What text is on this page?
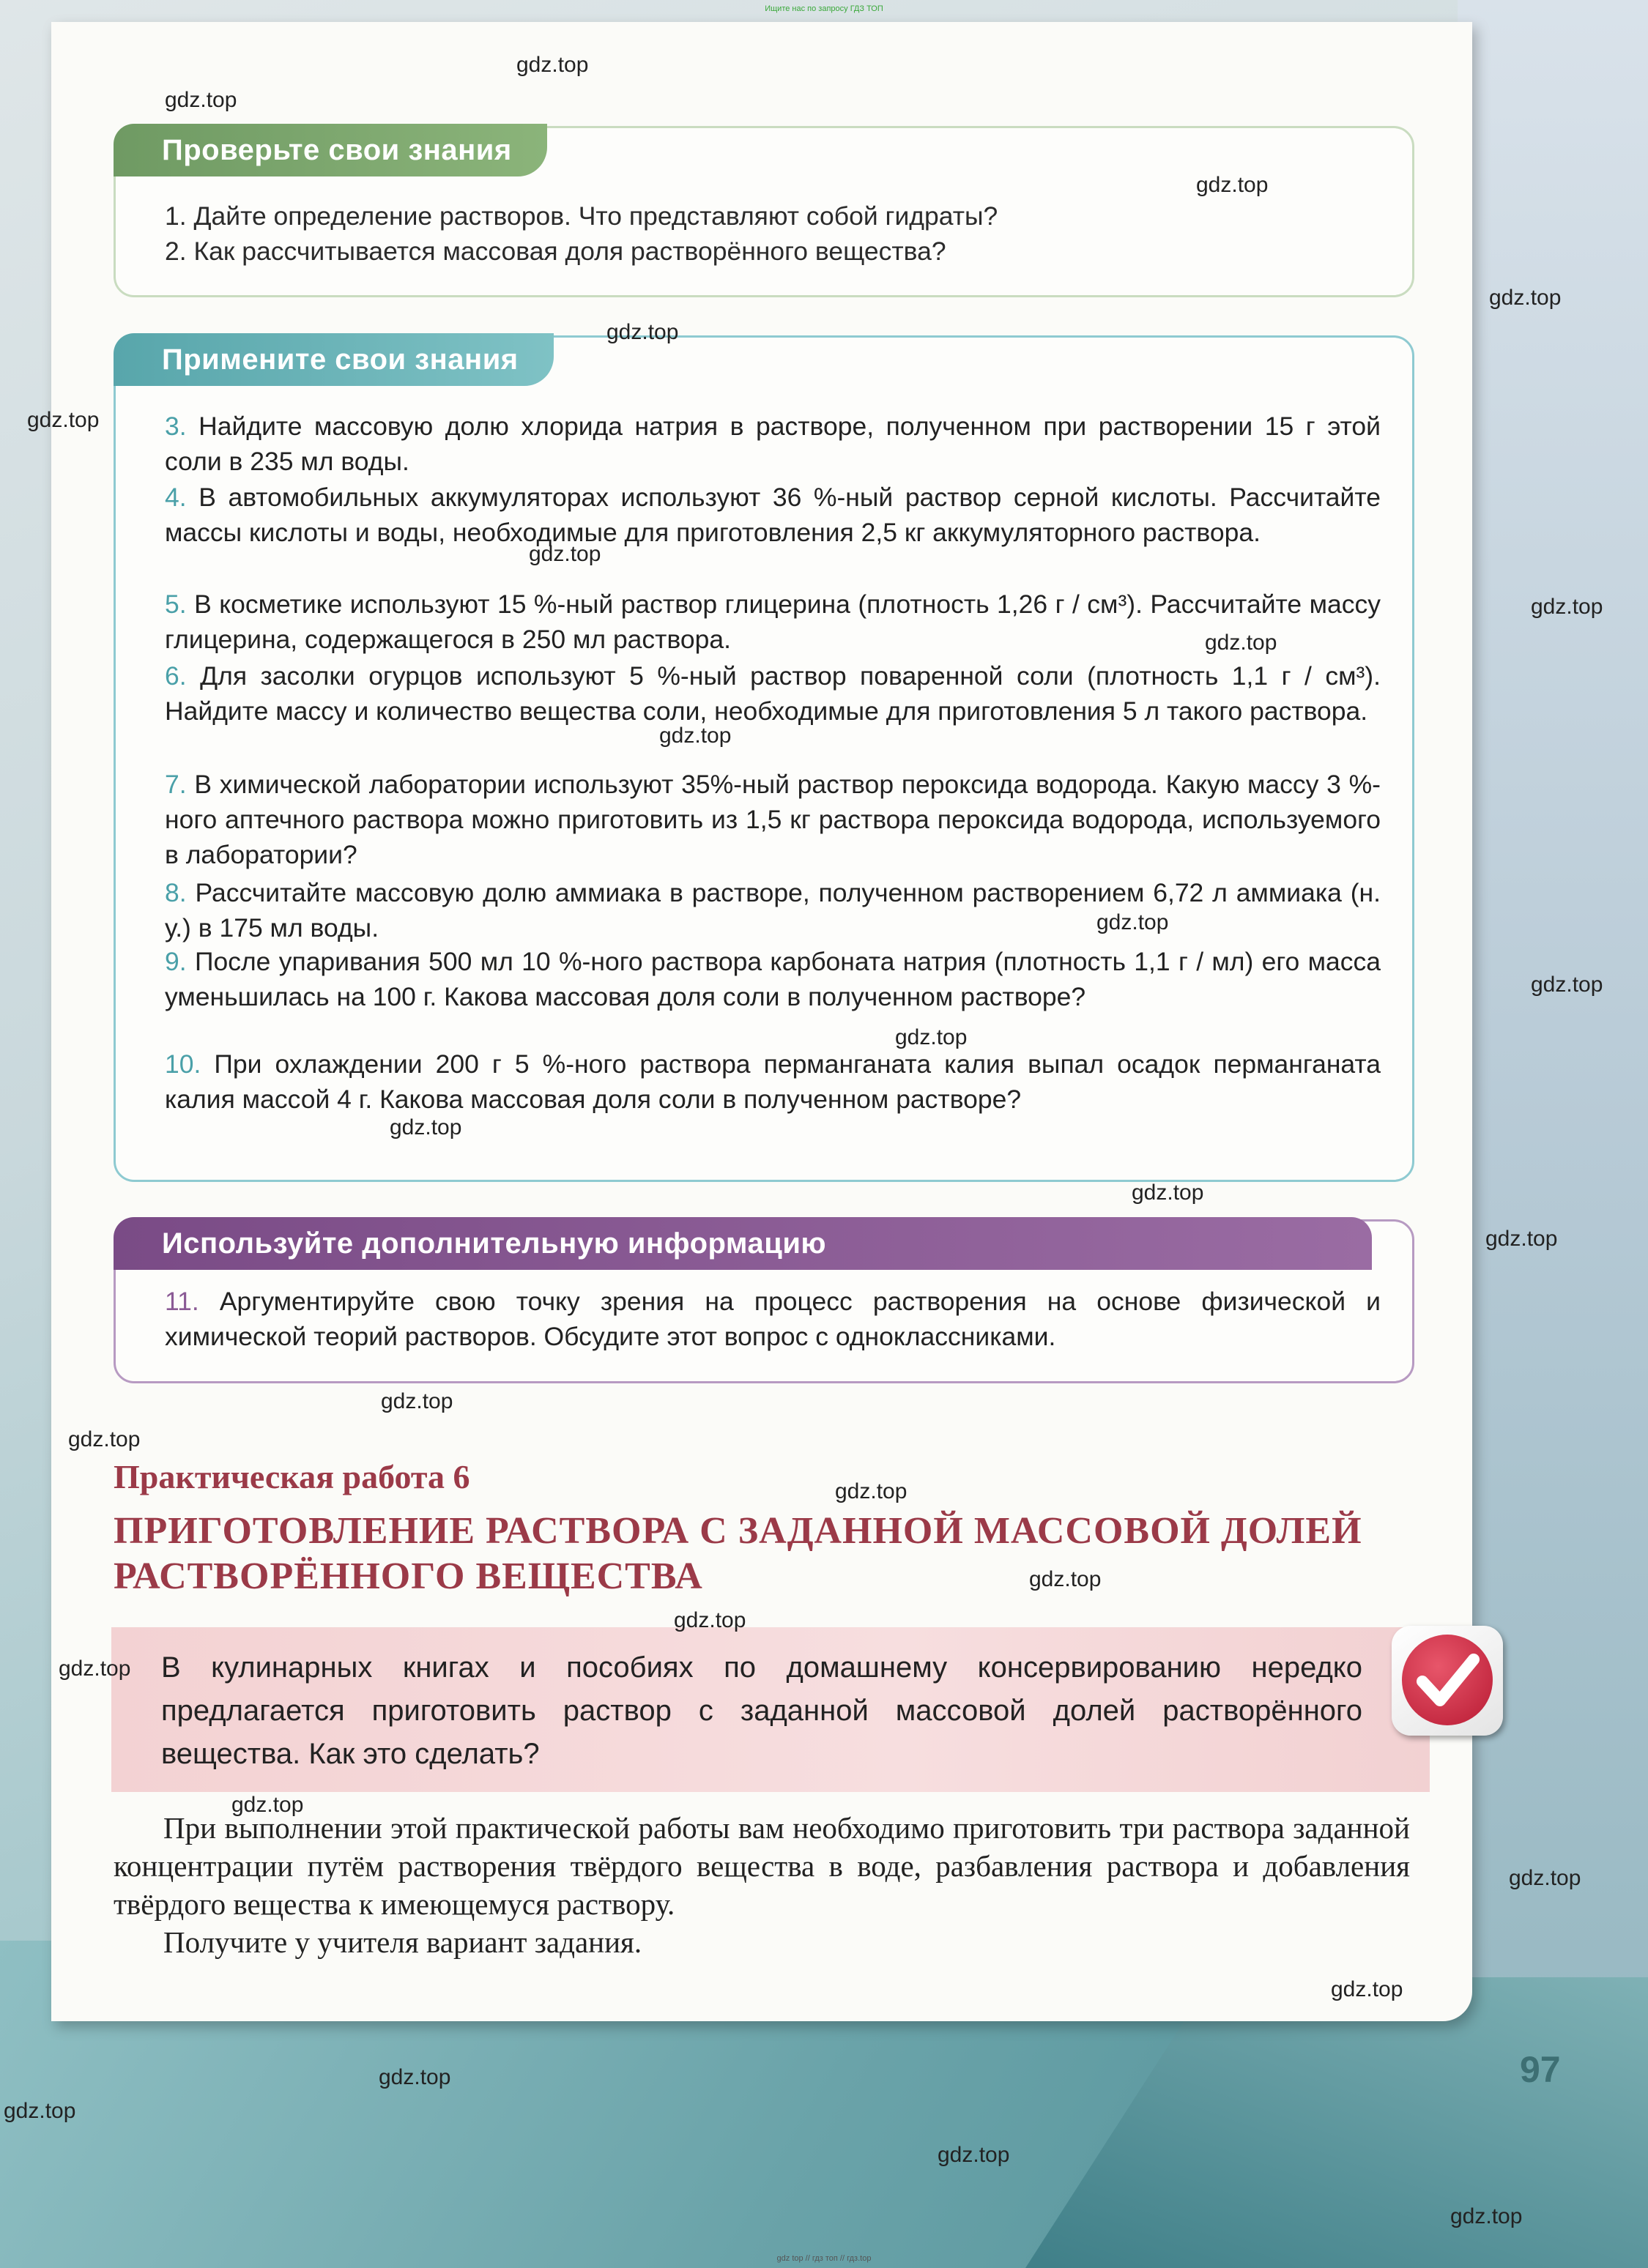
Ищите нас по запросу ГДЗ ТОП
Проверьте свои знания
1. Дайте определение растворов. Что представляют собой гидраты?
2. Как рассчитывается массовая доля растворённого вещества?
Примените свои знания
3. Найдите массовую долю хлорида натрия в растворе, полученном при растворении 15 г этой соли в 235 мл воды.
4. В автомобильных аккумуляторах используют 36 %-ный раствор серной кислоты. Рассчитайте массы кислоты и воды, необходимые для приготовления 2,5 кг аккумуляторного раствора.
5. В косметике используют 15 %-ный раствор глицерина (плотность 1,26 г / см³). Рассчитайте массу глицерина, содержащегося в 250 мл раствора.
6. Для засолки огурцов используют 5 %-ный раствор поваренной соли (плотность 1,1 г / см³). Найдите массу и количество вещества соли, необходимые для приготовления 5 л такого раствора.
7. В химической лаборатории используют 35%-ный раствор пероксида водорода. Какую массу 3 %-ного аптечного раствора можно приготовить из 1,5 кг раствора пероксида водорода, используемого в лаборатории?
8. Рассчитайте массовую долю аммиака в растворе, полученном растворением 6,72 л аммиака (н. у.) в 175 мл воды.
9. После упаривания 500 мл 10 %-ного раствора карбоната натрия (плотность 1,1 г / мл) его масса уменьшилась на 100 г. Какова массовая доля соли в полученном растворе?
10. При охлаждении 200 г 5 %-ного раствора перманганата калия выпал осадок перманганата калия массой 4 г. Какова массовая доля соли в полученном растворе?
Используйте дополнительную информацию
11. Аргументируйте свою точку зрения на процесс растворения на основе физической и химической теорий растворов. Обсудите этот вопрос с одноклассниками.
Практическая работа 6
ПРИГОТОВЛЕНИЕ РАСТВОРА С ЗАДАННОЙ МАССОВОЙ ДОЛЕЙ РАСТВОРЁННОГО ВЕЩЕСТВА
В кулинарных книгах и пособиях по домашнему консервированию нередко предлагается приготовить раствор с заданной массовой долей растворённого вещества. Как это сделать?
При выполнении этой практической работы вам необходимо приготовить три раствора заданной концентрации путём растворения твёрдого вещества в воде, разбавления раствора и добавления твёрдого вещества к имеющемуся раствору.
Получите у учителя вариант задания.
97
gdz.top
gdz.top
gdz.top
gdz.top
gdz.top
gdz.top
gdz.top
gdz.top
gdz.top
gdz.top
gdz.top
gdz.top
gdz.top
gdz.top
gdz.top
gdz.top
gdz.top
gdz.top
gdz.top
gdz.top
gdz.top
gdz.top
gdz.top
gdz.top
gdz.top
gdz.top
gdz.top
gdz.top
gdz.top
gdz top // гдз топ // гдз.top
